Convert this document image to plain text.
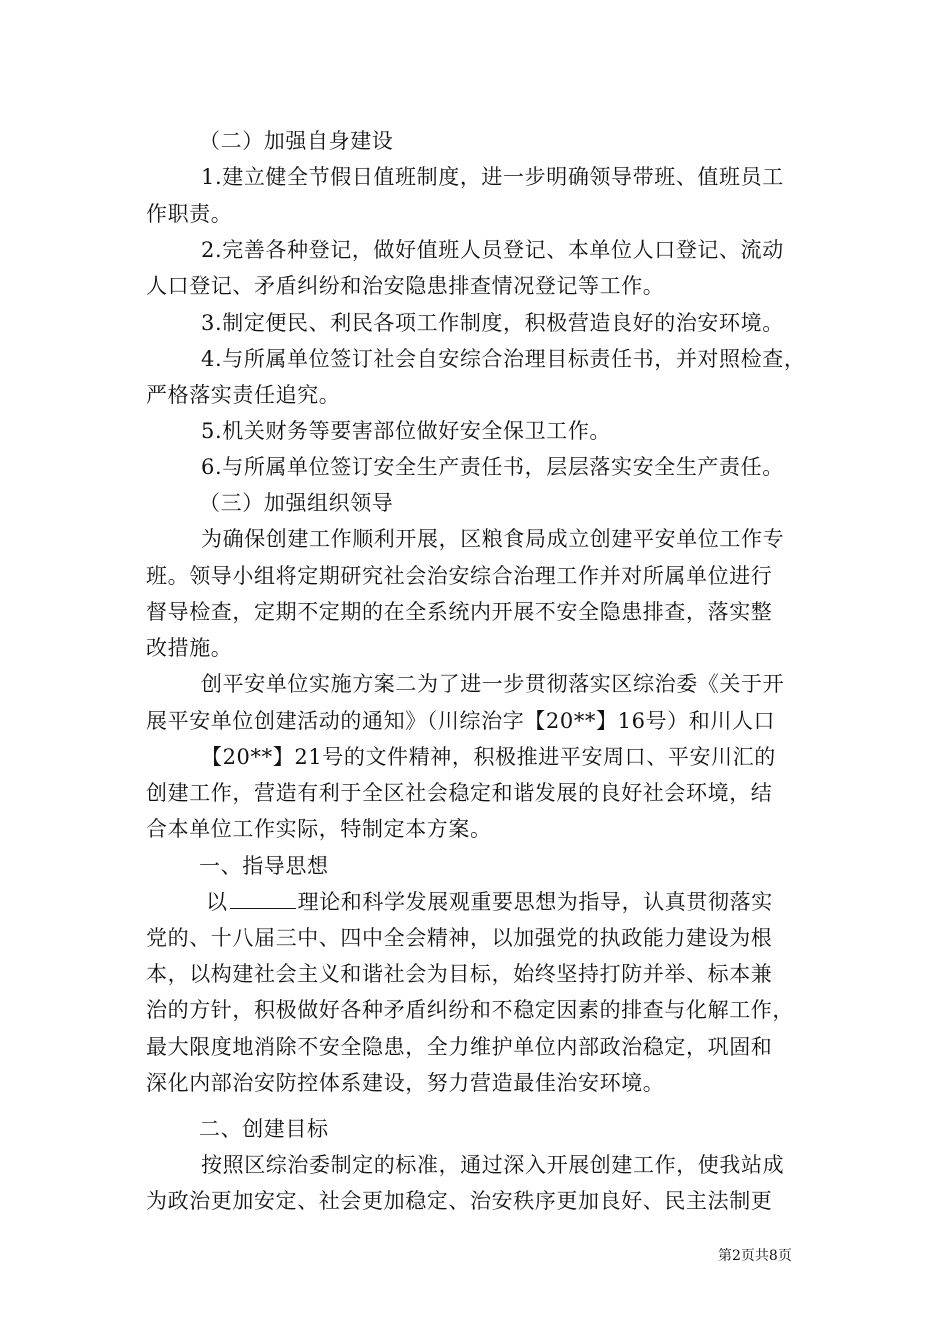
（二）加强自身建设
1.建立健全节假日值班制度，进一步明确领导带班、值班员工
作职责。
2.完善各种登记，做好值班人员登记、本单位人口登记、流动
人口登记、矛盾纠纷和治安隐患排查情况登记等工作。
3.制定便民、利民各项工作制度，积极营造良好的治安环境。
4.与所属单位签订社会自安综合治理目标责任书，并对照检查，
严格落实责任追究。
5.机关财务等要害部位做好安全保卫工作。
6.与所属单位签订安全生产责任书，层层落实安全生产责任。
（三）加强组织领导
为确保创建工作顺利开展，区粮食局成立创建平安单位工作专
班。领导小组将定期研究社会治安综合治理工作并对所属单位进行
督导检查，定期不定期的在全系统内开展不安全隐患排查，落实整
改措施。
创平安单位实施方案二为了进一步贯彻落实区综治委《关于开
展平安单位创建活动的通知》（川综治字【20**】16号）和川人口
【20**】21号的文件精神，积极推进平安周口、平安川汇的
创建工作，营造有利于全区社会稳定和谐发展的良好社会环境，结
合本单位工作实际，特制定本方案。
一、指导思想
以	理论和科学发展观重要思想为指导，认真贯彻落实
党的、十八届三中、四中全会精神，以加强党的执政能力建设为根
本，以构建社会主义和谐社会为目标，始终坚持打防并举、标本兼
治的方针，积极做好各种矛盾纠纷和不稳定因素的排查与化解工作，
最大限度地消除不安全隐患，全力维护单位内部政治稳定，巩固和
深化内部治安防控体系建设，努力营造最佳治安环境。
二、创建目标
按照区综治委制定的标准，通过深入开展创建工作，使我站成
为政治更加安定、社会更加稳定、治安秩序更加良好、民主法制更
第2页共8页
